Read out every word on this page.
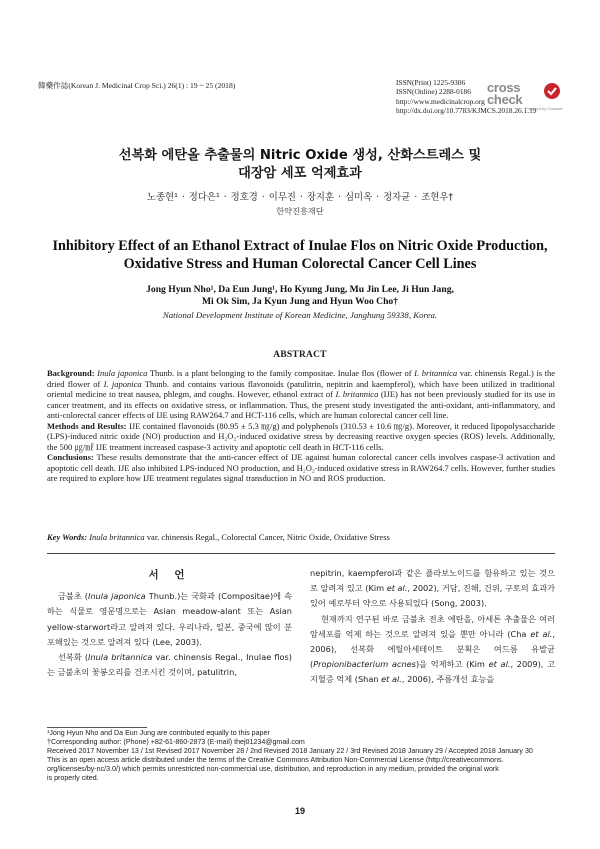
韓藥作誌(Korean J. Medicinal Crop Sci.) 26(1) : 19 ~ 25 (2018)	ISSN(Print) 1225-9306
ISSN(Online) 2288-0186
http://www.medicinalcrop.org
http://dx.doi.org/10.7783/KJMCS.2018.26.1.19
cross
check
Powered by Crossref
선복화 에탄올 추출물의 Nitric Oxide 생성, 산화스트레스 및
대장암 세포 억제효과
노종현¹ · 정다은¹ · 정호경 · 이무진 · 장지훈 · 심미옥 · 정자균 · 조현우†
한약진흥재단
Inhibitory Effect of an Ethanol Extract of Inulae Flos on Nitric Oxide Production,
Oxidative Stress and Human Colorectal Cancer Cell Lines
Jong Hyun Nho¹, Da Eun Jung¹, Ho Kyung Jung, Mu Jin Lee, Ji Hun Jang,
Mi Ok Sim, Ja Kyun Jung and Hyun Woo Cho†
National Development Institute of Korean Medicine, Janghung 59338, Korea.
ABSTRACT

Background: Inula japonica Thunb. is a plant belonging to the family compositae. Inulae flos (flower of I. britannica var. chinensis Regal.) is the dried flower of I. japonica Thunb. and contains various flavonoids (patulitrin, nepitrin and kaempferol), which have been utilized in traditional oriental medicine to treat nausea, phlegm, and coughs. However, ethanol extract of I. britannica (IJE) has not been previously studied for its use in cancer treatment, and its effects on oxidative stress, or inflammation. Thus, the present study investigated the anti-oxidant, anti-inflammatory, and anti-colorectal cancer effects of IJE using RAW264.7 and HCT-116 cells, which are human colorectal cancer cell line.

Methods and Results: IJE contained flavonoids (80.95 ± 5.3 ㎎/g) and polyphenols (310.53 ± 10.6 ㎎/g). Moreover, it reduced lipopolysaccharide (LPS)-induced nitric oxide (NO) production and H₂O₂-induced oxidative stress by decreasing reactive oxygen species (ROS) levels. Additionally, the 500 ㎍/㎖ IJE treatment increased caspase-3 activity and apoptotic cell death in HCT-116 cells.

Conclusions: These results demonstrate that the anti-cancer effect of IJE against human colorectal cancer cells involves caspase-3 activation and apoptotic cell death. IJE also inhibited LPS-induced NO production, and H₂O₂-induced oxidative stress in RAW264.7 cells. However, further studies are required to explore how IJE treatment regulates signal transduction in NO and ROS production.

Key Words: Inula britannica var. chinensis Regal., Colorectal Cancer, Nitric Oxide, Oxidative Stress
서 언

금불초 (Inula japonica Thunb.)는 국화과 (Compositae)에 속하는 식물로 영문명으로는 Asian meadow-alant 또는 Asian yellow-starwort라고 알려져 있다. 우리나라, 일본, 중국에 많이 분포해있는 것으로 알려져 있다 (Lee, 2003).

선복화 (Inula britannica var. chinensis Regal., Inulae flos)는 금불초의 꽃봉오리를 건조시킨 것이며, patulitrin,

nepitrin, kaempferol과 같은 플라보노이드를 함유하고 있는 것으로 알려져 있고 (Kim et al., 2002), 거담, 진해, 건위, 구토의 효과가 있어 예로부터 약으로 사용되었다 (Song, 2003).

현재까지 연구된 바로 금불초 전초 에탄올, 아세톤 추출물은 여러 암세포를 억제 하는 것으로 알려져 있을 뿐만 아니라 (Cha et al., 2006), 선복화 에틸아세테이트 분획은 여드름 유발균 (Propionibacterium acnes)을 억제하고 (Kim et al., 2009), 고지혈증 억제 (Shan et al., 2006), 주름개선 효능을

¹Jong Hyun Nho and Da Eun Jung are contributed equally to this paper
†Corresponding author: (Phone) +82-61-860-2873 (E-mail) thej01234@gmail.com
Received 2017 November 13 / 1st Revised 2017 November 28 / 2nd Revised 2018 January 22 / 3rd Revised 2018 January 29 / Accepted 2018 January 30
This is an open access article distributed under the terms of the Creative Commons Attribution Non-Commercial License (http://creativecommons.
org/licenses/by-nc/3.0/) which permits unrestricted non-commercial use, distribution, and reproduction in any medium, provided the original work
is properly cited.
19
